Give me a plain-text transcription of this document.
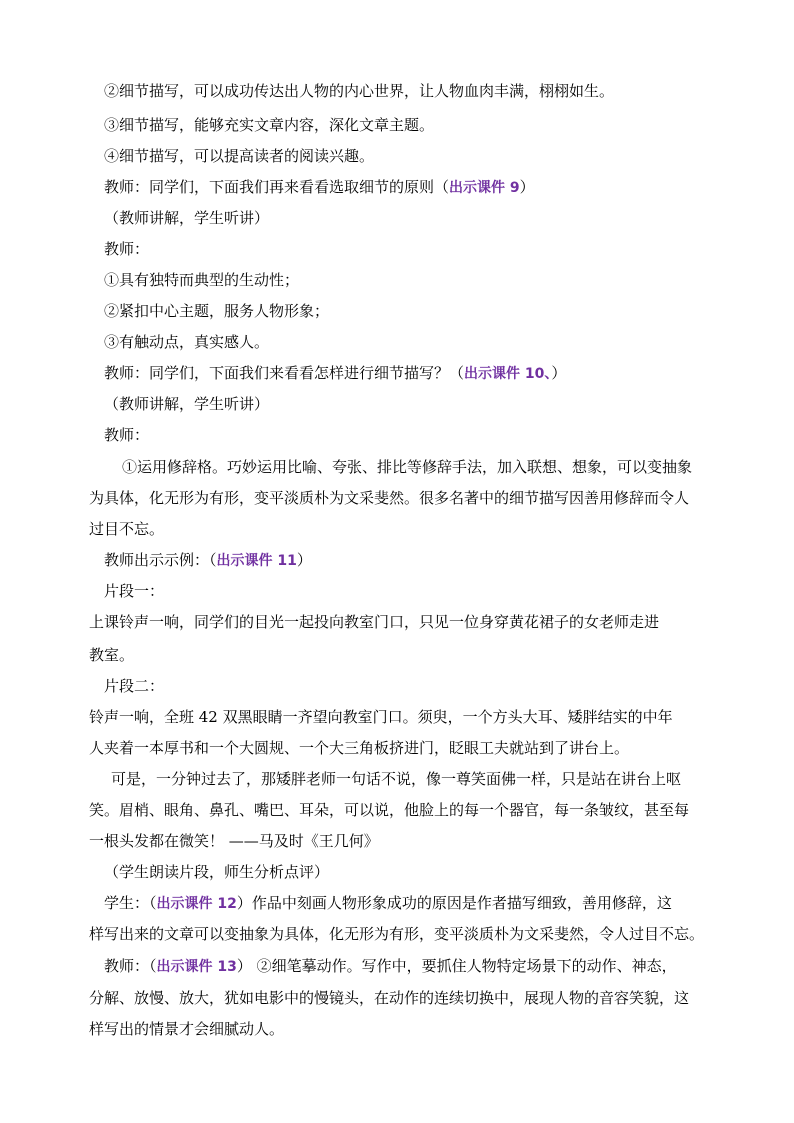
②细节描写，可以成功传达出人物的内心世界，让人物血肉丰满，栩栩如生。
③细节描写，能够充实文章内容，深化文章主题。
④细节描写，可以提高读者的阅读兴趣。
教师：同学们，下面我们再来看看选取细节的原则（出示课件 9）
（教师讲解，学生听讲）
教师：
①具有独特而典型的生动性；
②紧扣中心主题，服务人物形象；
③有触动点，真实感人。
教师：同学们，下面我们来看看怎样进行细节描写？（出示课件 10、）
（教师讲解，学生听讲）
教师：
①运用修辞格。巧妙运用比喻、夸张、排比等修辞手法，加入联想、想象，可以变抽象
为具体，化无形为有形，变平淡质朴为文采斐然。很多名著中的细节描写因善用修辞而令人
过目不忘。
教师出示示例：（出示课件 11）
片段一：
上课铃声一响，同学们的目光一起投向教室门口，只见一位身穿黄花裙子的女老师走进
教室。
片段二：
铃声一响，全班 42 双黑眼睛一齐望向教室门口。须臾，一个方头大耳、矮胖结实的中年
人夹着一本厚书和一个大圆规、一个大三角板挤进门，眨眼工夫就站到了讲台上。
可是，一分钟过去了，那矮胖老师一句话不说，像一尊笑面佛一样，只是站在讲台上呕
笑。眉梢、眼角、鼻孔、嘴巴、耳朵，可以说，他脸上的每一个器官，每一条皱纹，甚至每
一根头发都在微笑！ ——马及时《王几何》
（学生朗读片段，师生分析点评）
学生：（出示课件 12）作品中刻画人物形象成功的原因是作者描写细致，善用修辞，这
样写出来的文章可以变抽象为具体，化无形为有形，变平淡质朴为文采斐然，令人过目不忘。
教师：（出示课件 13） ②细笔摹动作。写作中，要抓住人物特定场景下的动作、神态，
分解、放慢、放大，犹如电影中的慢镜头，在动作的连续切换中，展现人物的音容笑貌，这
样写出的情景才会细腻动人。
